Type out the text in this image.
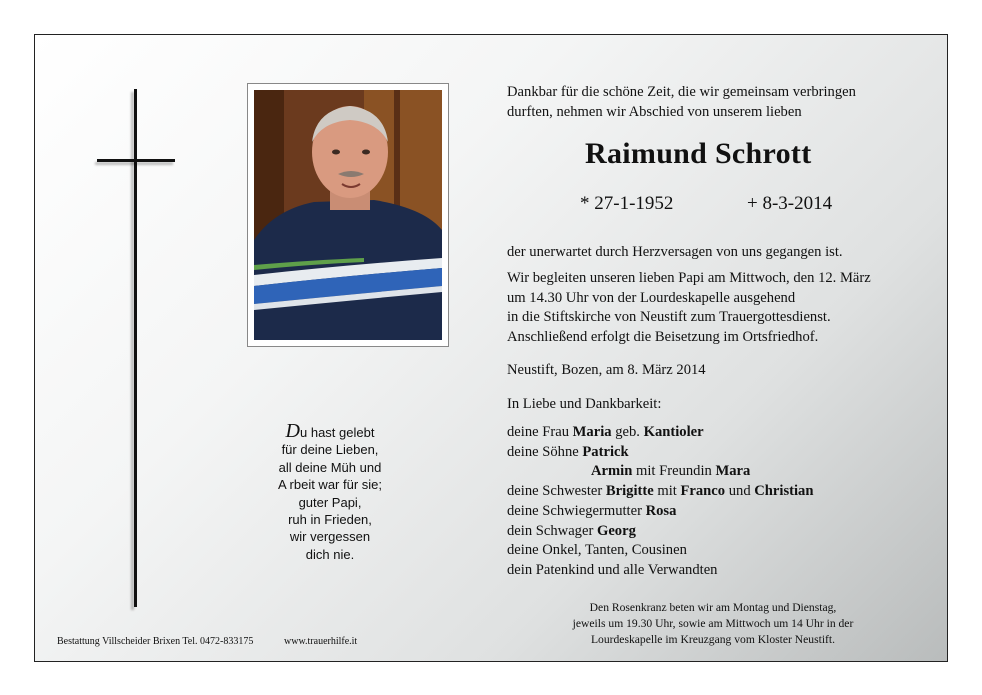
Du hast gelebt
für deine Lieben,
all deine Müh und
A rbeit war für sie;
guter Papi,
ruh in Frieden,
wir vergessen
dich nie.
Dankbar für die schöne Zeit, die wir gemeinsam verbringen
durften, nehmen wir Abschied von unserem lieben
Raimund Schrott
* 27-1-1952	+ 8-3-2014
der unerwartet durch Herzversagen von uns gegangen ist.
Wir begleiten unseren lieben Papi am Mittwoch, den 12. März
um 14.30 Uhr von der Lourdeskapelle ausgehend
in die Stiftskirche von Neustift zum Trauergottesdienst.
Anschließend erfolgt die Beisetzung im Ortsfriedhof.
Neustift, Bozen, am 8. März 2014
In Liebe und Dankbarkeit:
deine Frau Maria geb. Kantioler
deine Söhne Patrick
Armin mit Freundin Mara
deine Schwester Brigitte mit Franco und Christian
deine Schwiegermutter Rosa
dein Schwager Georg
deine Onkel, Tanten, Cousinen
dein Patenkind und alle Verwandten
Den Rosenkranz beten wir am Montag und Dienstag,
jeweils um 19.30 Uhr, sowie am Mittwoch um 14 Uhr in der
Lourdeskapelle im Kreuzgang vom Kloster Neustift.
Bestattung Villscheider Brixen Tel. 0472-833175	www.trauerhilfe.it
